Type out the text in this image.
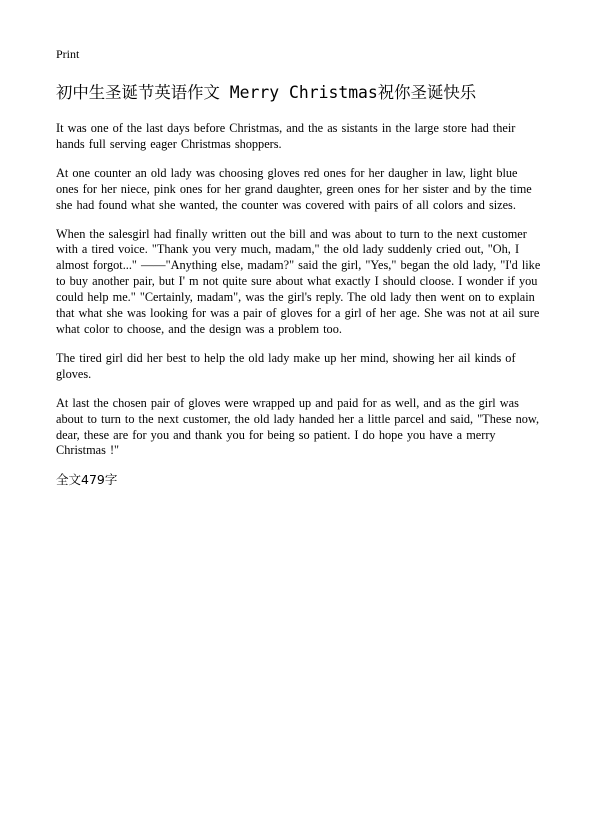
Print
初中生圣诞节英语作文 Merry Christmas祝你圣诞快乐

It was one of the last days before Christmas, and the as sistants in the large store had their hands full serving eager Christmas shoppers.

At one counter an old lady was choosing gloves red ones for her daugher in law, light blue ones for her niece, pink ones for her grand daughter, green ones for her sister and by the time she had found what she wanted, the counter was covered with pairs of all colors and sizes.

When the salesgirl had finally written out the bill and was about to turn to the next customer with a tired voice. "Thank you very much, madam," the old lady suddenly cried out, "Oh, I almost forgot..." ——"Anything else, madam?" said the girl, "Yes," began the old lady, "I'd like to buy another pair, but I' m not quite sure about what exactly I should cloose. I wonder if you could help me." "Certainly, madam", was the girl's reply. The old lady then went on to explain that what she was looking for was a pair of gloves for a girl of her age. She was not at ail sure what color to choose, and the design was a problem too.

The tired girl did her best to help the old lady make up her mind, showing her ail kinds of gloves.

At last the chosen pair of gloves were wrapped up and paid for as well, and as the girl was about to turn to the next customer, the old lady handed her a little parcel and said, "These now, dear, these are for you and thank you for being so patient. I do hope you have a merry Christmas !"

全文479字
